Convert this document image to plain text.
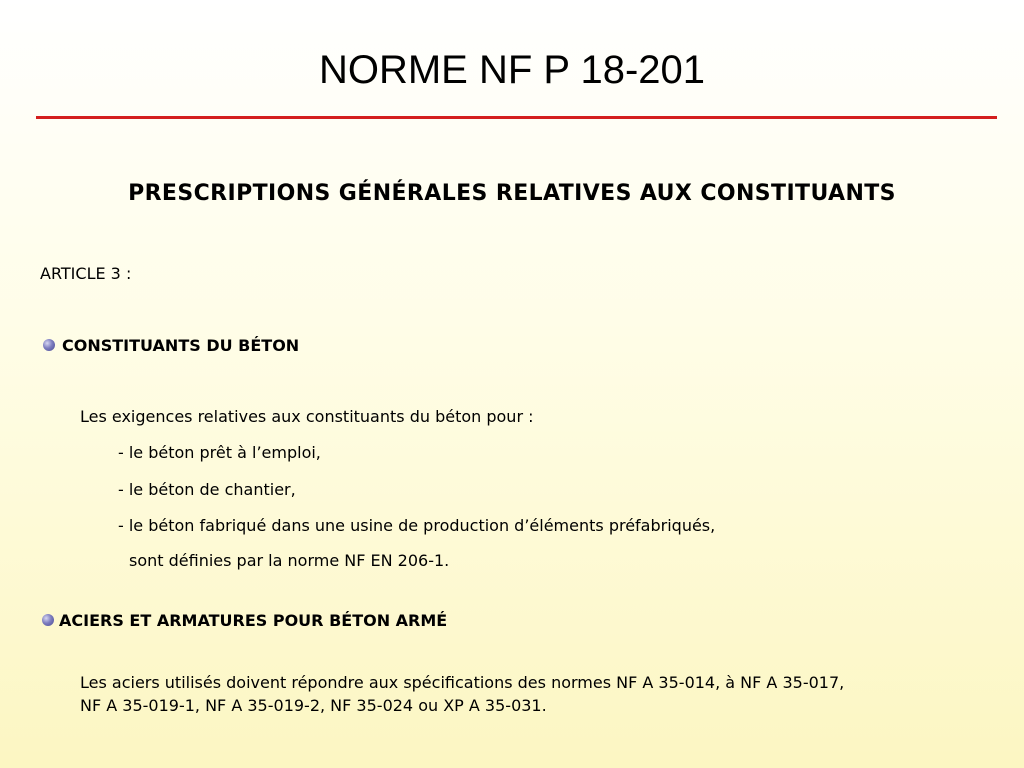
NORME NF P 18-201
PRESCRIPTIONS GÉNÉRALES RELATIVES AUX CONSTITUANTS
ARTICLE 3 :
CONSTITUANTS DU BÉTON
Les exigences relatives aux constituants du béton pour :
- le béton prêt à l’emploi,
- le béton de chantier,
- le béton fabriqué dans une usine de production d’éléments préfabriqués,
sont définies par la norme NF EN 206-1.
ACIERS ET ARMATURES POUR BÉTON ARMÉ
Les aciers utilisés doivent répondre aux spécifications des normes NF A 35-014, à NF A 35-017,
NF A 35-019-1, NF A 35-019-2, NF 35-024 ou XP A 35-031.
